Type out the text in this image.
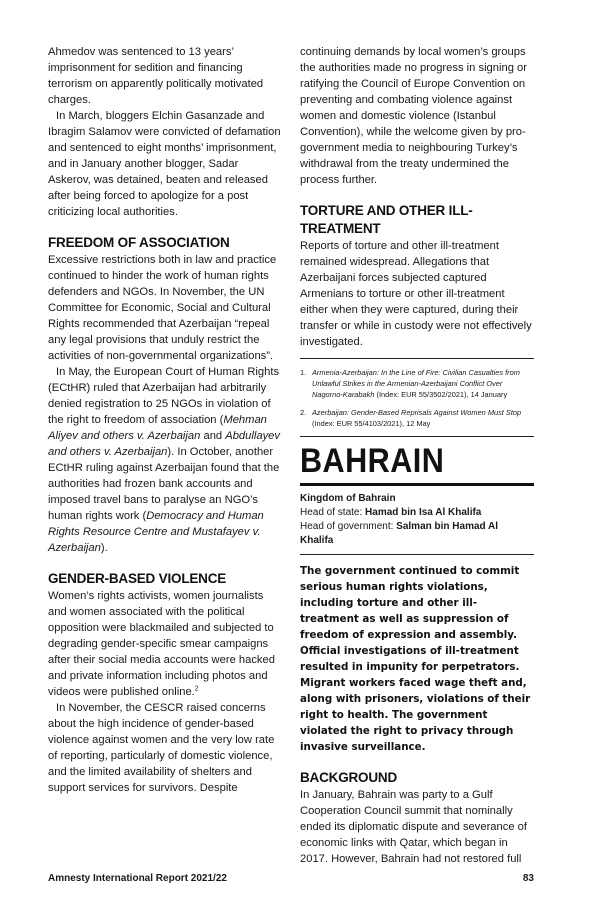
Ahmedov was sentenced to 13 years’ imprisonment for sedition and financing terrorism on apparently politically motivated charges.

In March, bloggers Elchin Gasanzade and Ibragim Salamov were convicted of defamation and sentenced to eight months’ imprisonment, and in January another blogger, Sadar Askerov, was detained, beaten and released after being forced to apologize for a post criticizing local authorities.

FREEDOM OF ASSOCIATION

Excessive restrictions both in law and practice continued to hinder the work of human rights defenders and NGOs. In November, the UN Committee for Economic, Social and Cultural Rights recommended that Azerbaijan “repeal any legal provisions that unduly restrict the activities of non-governmental organizations”.

In May, the European Court of Human Rights (ECtHR) ruled that Azerbaijan had arbitrarily denied registration to 25 NGOs in violation of the right to freedom of association (Mehman Aliyev and others v. Azerbaijan and Abdullayev and others v. Azerbaijan). In October, another ECtHR ruling against Azerbaijan found that the authorities had frozen bank accounts and imposed travel bans to paralyse an NGO’s human rights work (Democracy and Human Rights Resource Centre and Mustafayev v. Azerbaijan).

GENDER-BASED VIOLENCE

Women’s rights activists, women journalists and women associated with the political opposition were blackmailed and subjected to degrading gender-specific smear campaigns after their social media accounts were hacked and private information including photos and videos were published online.$^2$

In November, the CESCR raised concerns about the high incidence of gender-based violence against women and the very low rate of reporting, particularly of domestic violence, and the limited availability of shelters and support services for survivors. Despite

continuing demands by local women’s groups the authorities made no progress in signing or ratifying the Council of Europe Convention on preventing and combating violence against women and domestic violence (Istanbul Convention), while the welcome given by pro-government media to neighbouring Turkey’s withdrawal from the treaty undermined the process further.

TORTURE AND OTHER ILL-TREATMENT

Reports of torture and other ill-treatment remained widespread. Allegations that Azerbaijani forces subjected captured Armenians to torture or other ill-treatment either when they were captured, during their transfer or while in custody were not effectively investigated.

1. Armenia-Azerbaijan: In the Line of Fire: Civilian Casualties from Unlawful Strikes in the Armenian-Azerbaijani Conflict Over Nagorno-Karabakh (Index: EUR 55/3502/2021), 14 January
2. Azerbaijan: Gender-Based Reprisals Against Women Must Stop (Index: EUR 55/4103/2021), 12 May
BAHRAIN
Kingdom of Bahrain
Head of state: Hamad bin Isa Al Khalifa
Head of government: Salman bin Hamad Al Khalifa

The government continued to commit serious human rights violations, including torture and other ill-treatment as well as suppression of freedom of expression and assembly. Official investigations of ill-treatment resulted in impunity for perpetrators. Migrant workers faced wage theft and, along with prisoners, violations of their right to health. The government violated the right to privacy through invasive surveillance.

BACKGROUND

In January, Bahrain was party to a Gulf Cooperation Council summit that nominally ended its diplomatic dispute and severance of economic links with Qatar, which began in 2017. However, Bahrain had not restored full

Amnesty International Report 2021/22	83
